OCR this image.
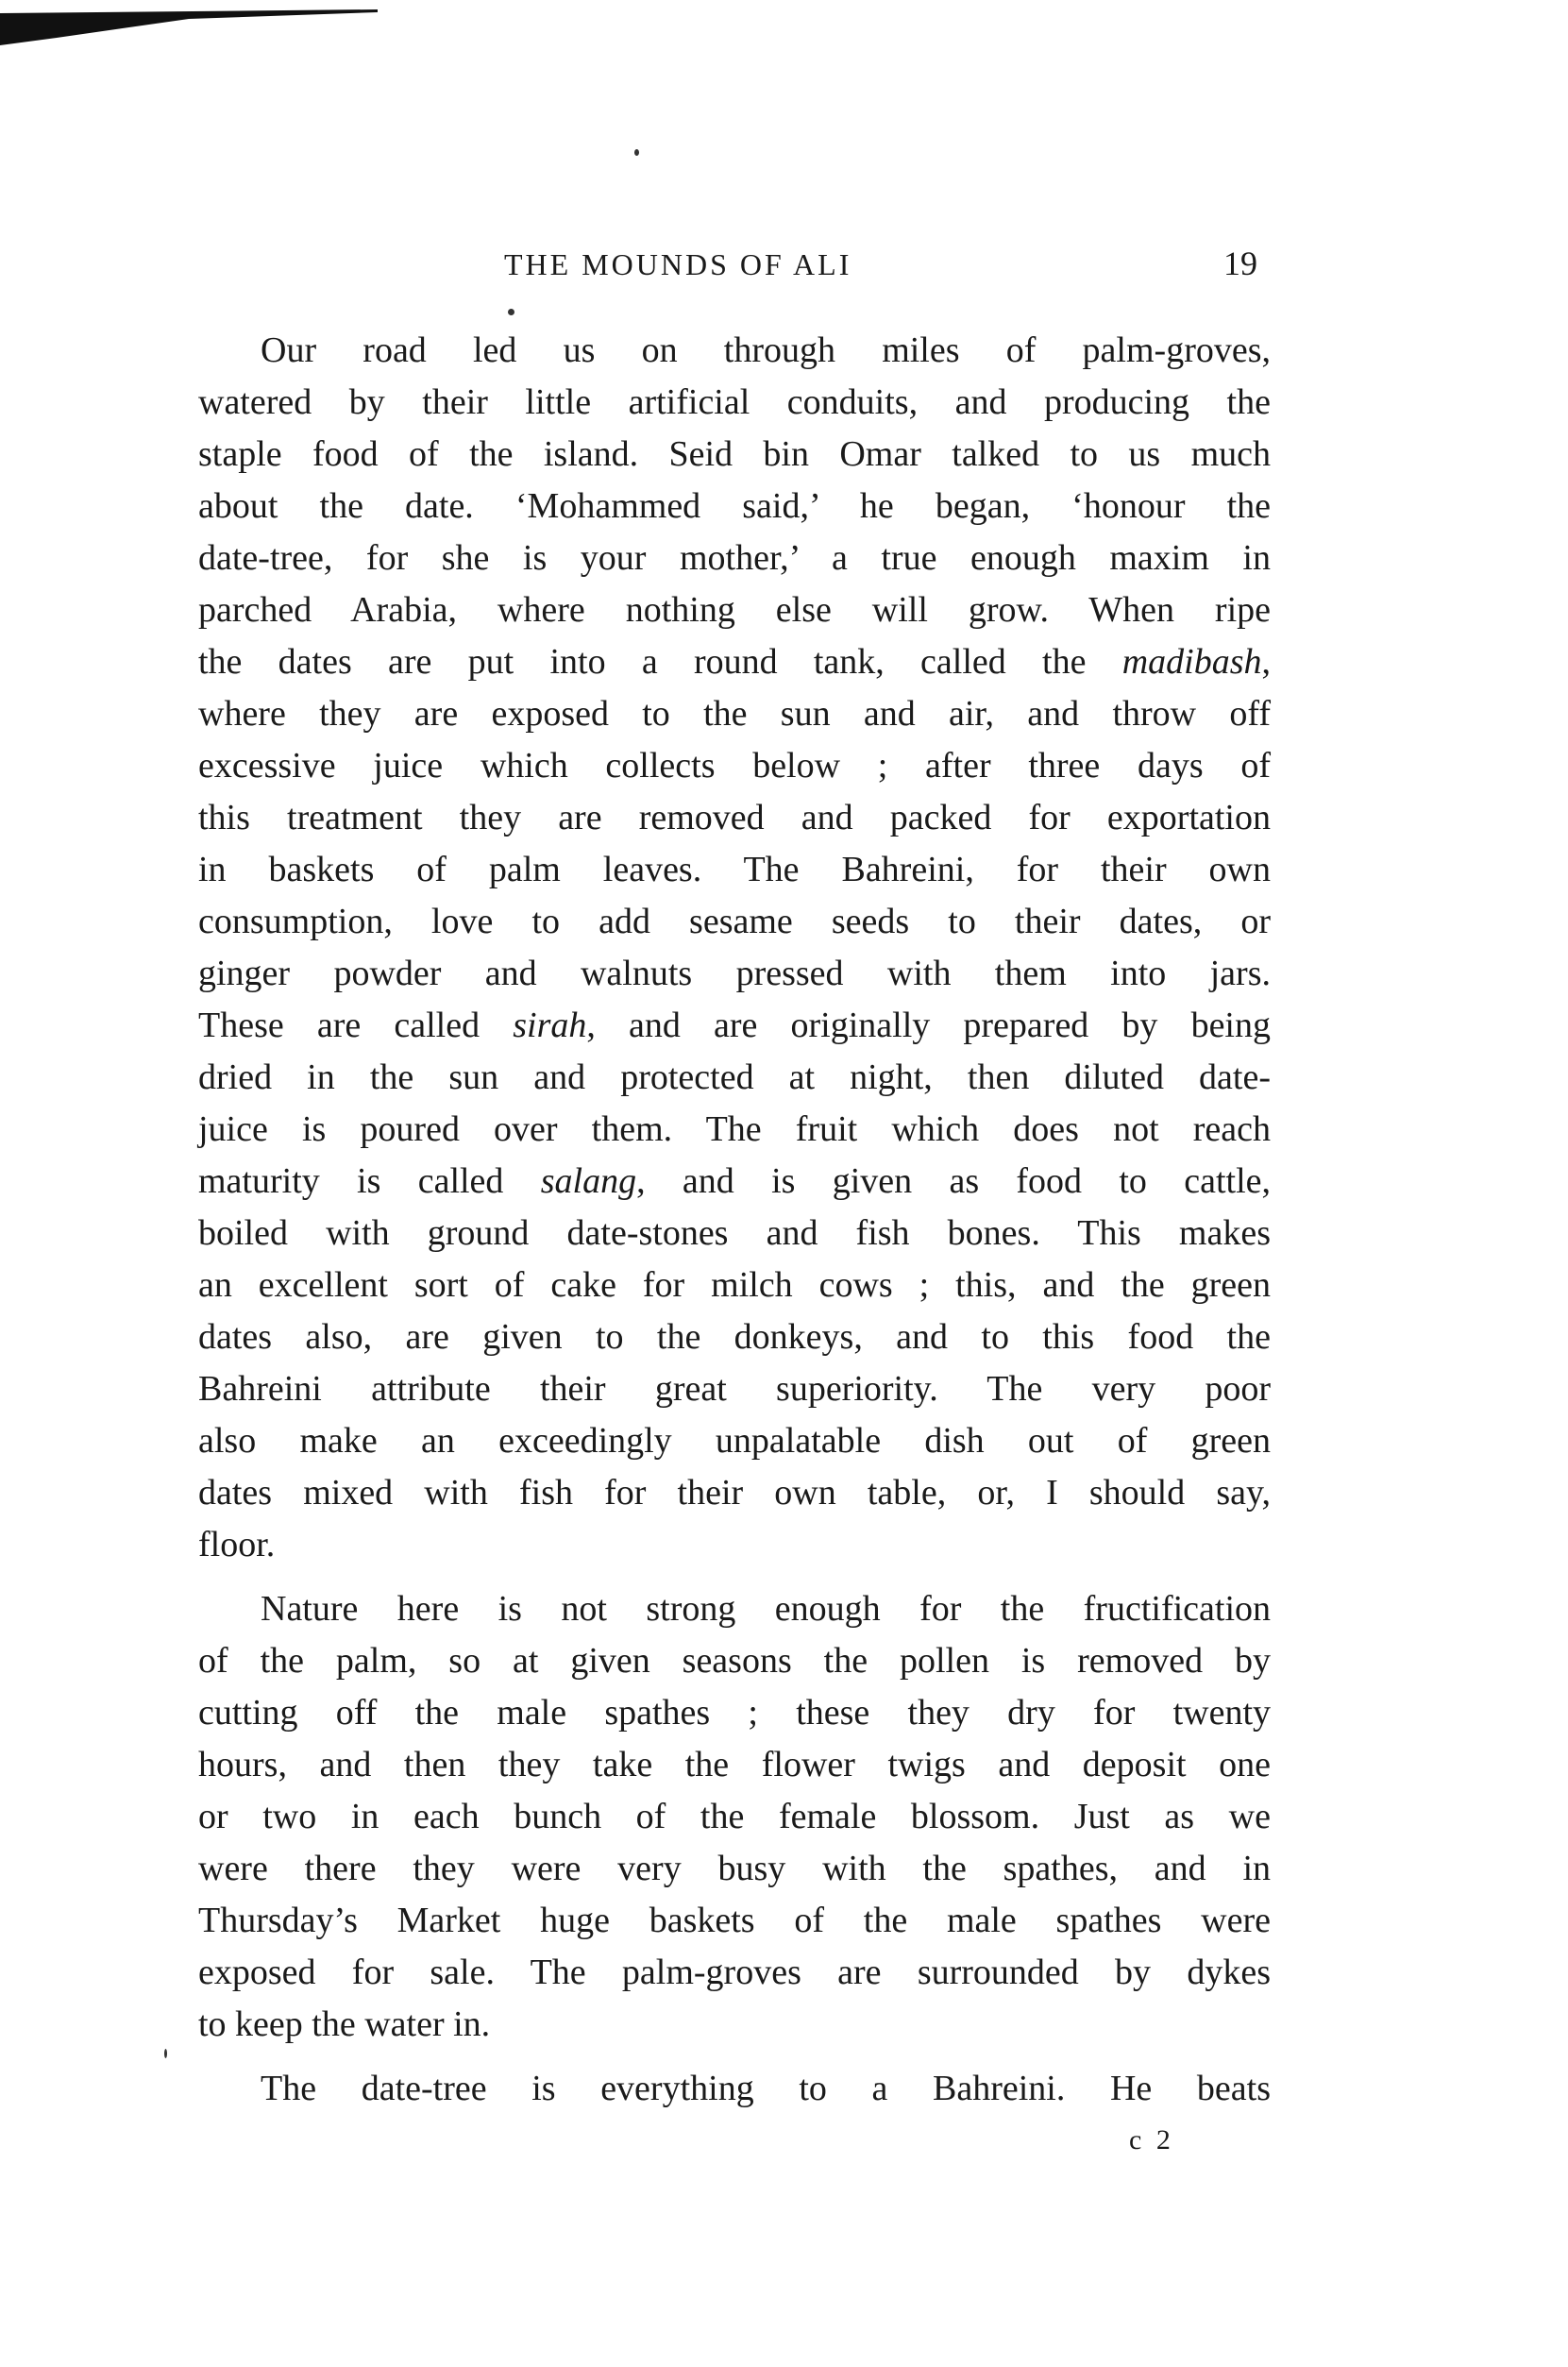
THE MOUNDS OF ALI	19
Our road led us on through miles of palm-groves,
watered by their little artificial conduits, and producing the
staple food of the island. Seid bin Omar talked to us much
about the date. ‘Mohammed said,’ he began, ‘honour the
date-tree, for she is your mother,’ a true enough maxim in
parched Arabia, where nothing else will grow. When ripe
the dates are put into a round tank, called the madibash,
where they are exposed to the sun and air, and throw off
excessive juice which collects below ; after three days of
this treatment they are removed and packed for exportation
in baskets of palm leaves. The Bahreini, for their own
consumption, love to add sesame seeds to their dates, or
ginger powder and walnuts pressed with them into jars.
These are called sirah, and are originally prepared by being
dried in the sun and protected at night, then diluted date-
juice is poured over them. The fruit which does not reach
maturity is called salang, and is given as food to cattle,
boiled with ground date-stones and fish bones. This makes
an excellent sort of cake for milch cows ; this, and the green
dates also, are given to the donkeys, and to this food the
Bahreini attribute their great superiority. The very poor
also make an exceedingly unpalatable dish out of green
dates mixed with fish for their own table, or, I should say,
floor.
Nature here is not strong enough for the fructification
of the palm, so at given seasons the pollen is removed by
cutting off the male spathes ; these they dry for twenty
hours, and then they take the flower twigs and deposit one
or two in each bunch of the female blossom. Just as we
were there they were very busy with the spathes, and in
Thursday’s Market huge baskets of the male spathes were
exposed for sale. The palm-groves are surrounded by dykes
to keep the water in.
The date-tree is everything to a Bahreini. He beats
c 2
